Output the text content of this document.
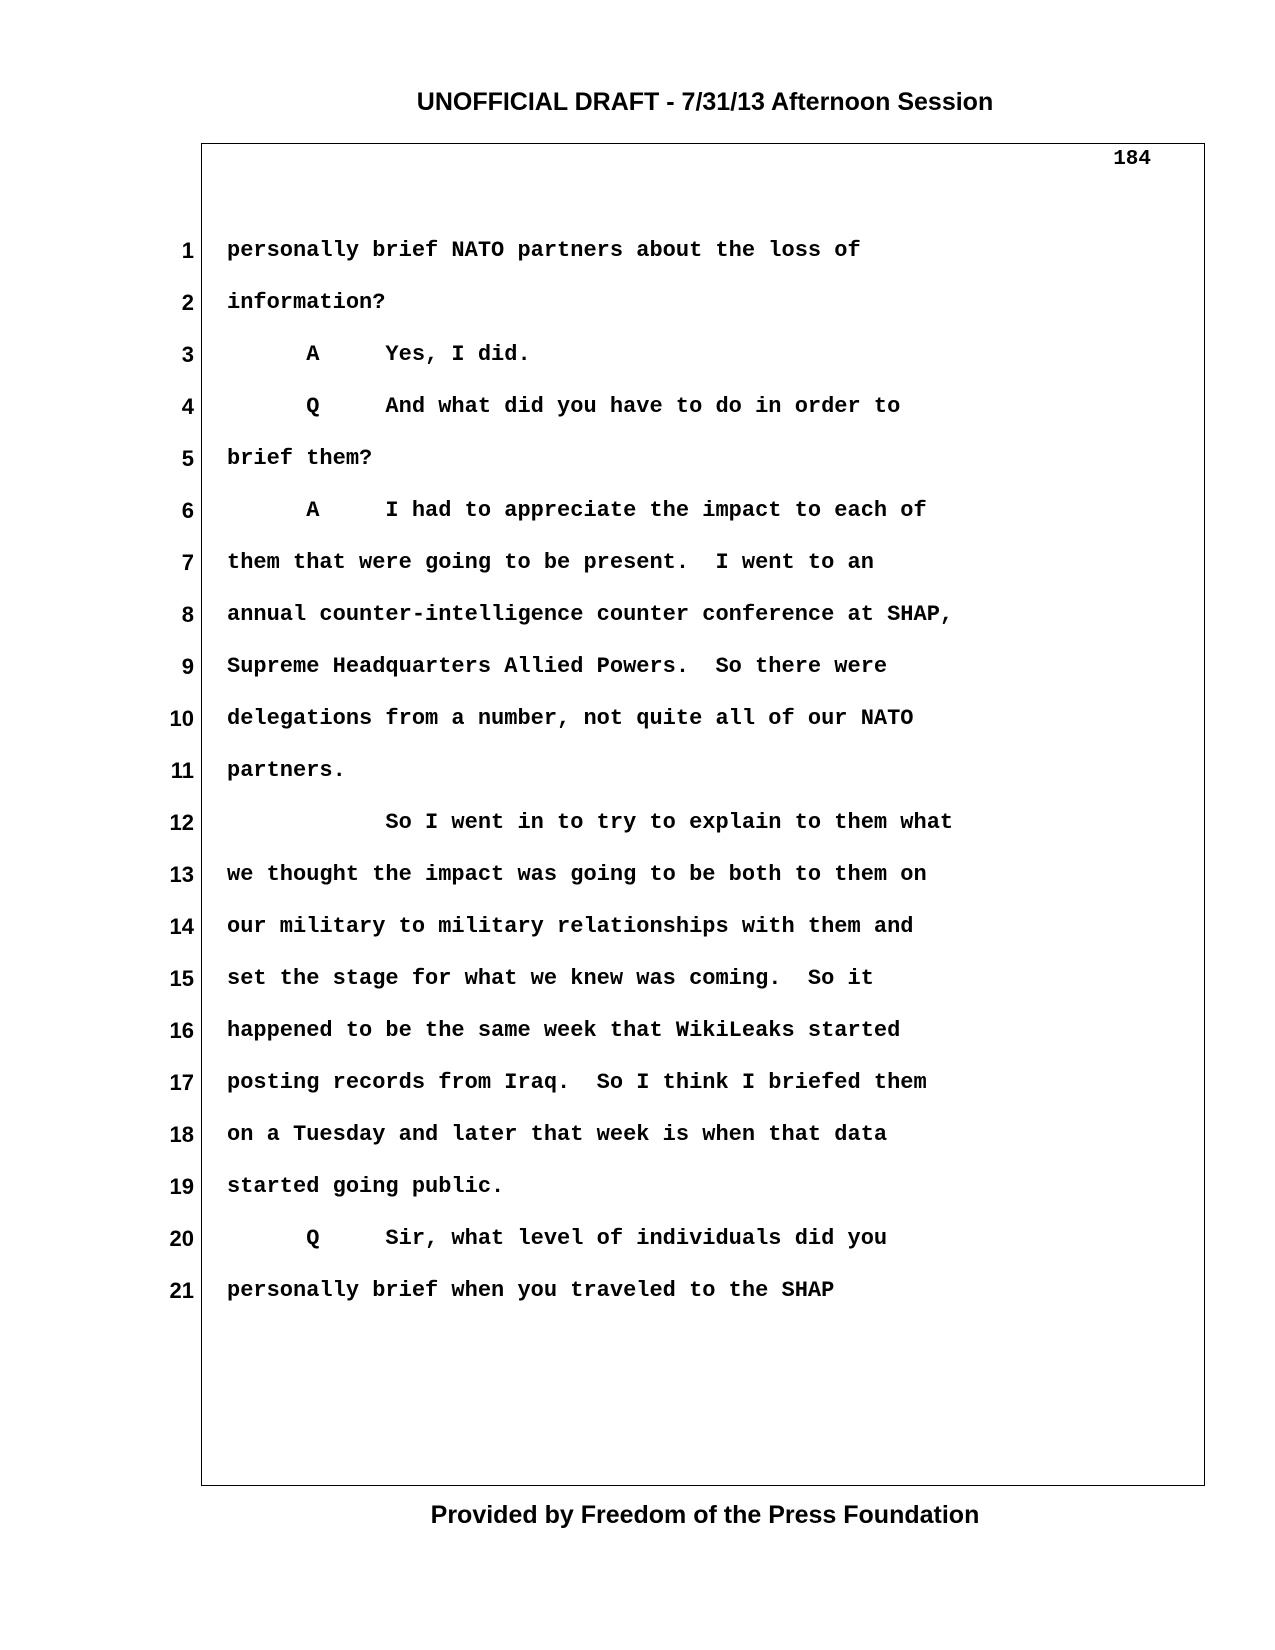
UNOFFICIAL DRAFT - 7/31/13 Afternoon Session
184
1 personally brief NATO partners about the loss of
2 information?
3 A     Yes, I did.
4 Q     And what did you have to do in order to
5 brief them?
6 A     I had to appreciate the impact to each of
7 them that were going to be present.  I went to an
8 annual counter-intelligence counter conference at SHAP,
9 Supreme Headquarters Allied Powers.  So there were
10 delegations from a number, not quite all of our NATO
11 partners.
12 So I went in to try to explain to them what
13 we thought the impact was going to be both to them on
14 our military to military relationships with them and
15 set the stage for what we knew was coming.  So it
16 happened to be the same week that WikiLeaks started
17 posting records from Iraq.  So I think I briefed them
18 on a Tuesday and later that week is when that data
19 started going public.
20 Q     Sir, what level of individuals did you
21 personally brief when you traveled to the SHAP
Provided by Freedom of the Press Foundation
